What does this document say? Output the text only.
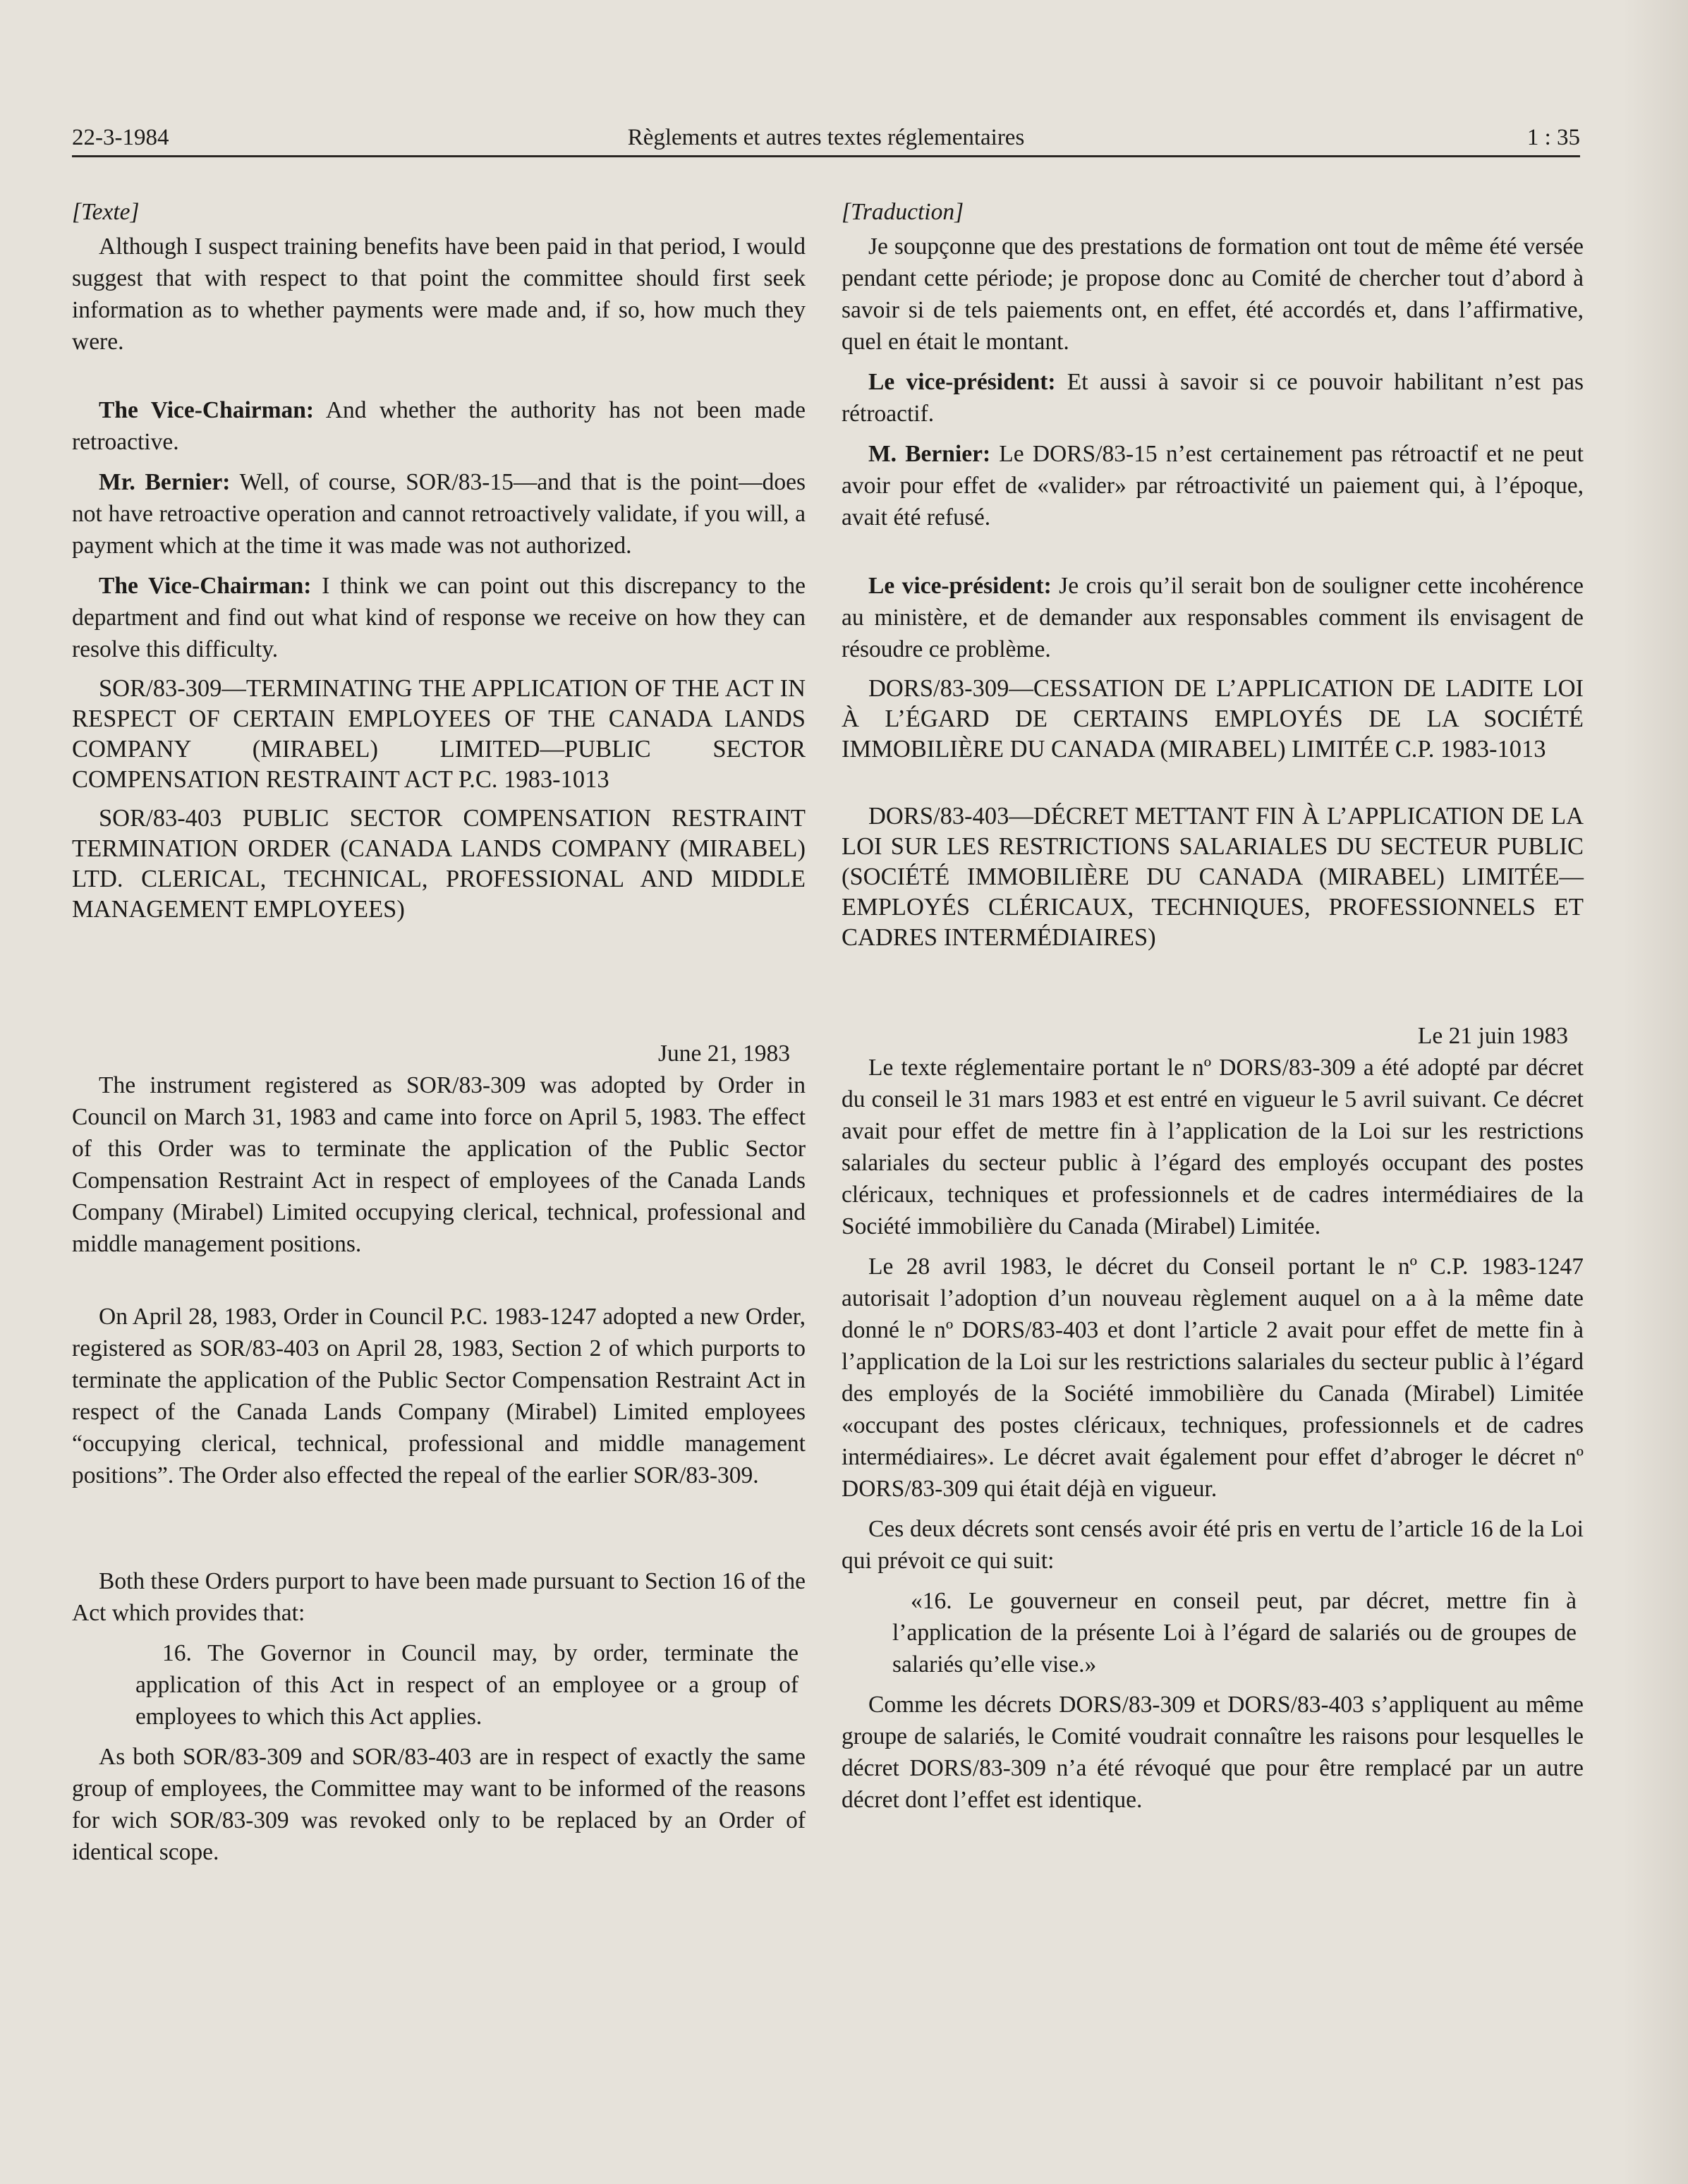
22-3-1984	Règlements et autres textes réglementaires	1 : 35

[Texte]

Although I suspect training benefits have been paid in that period, I would suggest that with respect to that point the committee should first seek information as to whether payments were made and, if so, how much they were.

The Vice-Chairman: And whether the authority has not been made retroactive.

Mr. Bernier: Well, of course, SOR/83-15—and that is the point—does not have retroactive operation and cannot retroactively validate, if you will, a payment which at the time it was made was not authorized.

The Vice-Chairman: I think we can point out this discrepancy to the department and find out what kind of response we receive on how they can resolve this difficulty.

SOR/83-309—TERMINATING THE APPLICATION OF THE ACT IN RESPECT OF CERTAIN EMPLOYEES OF THE CANADA LANDS COMPANY (MIRABEL) LIMITED—PUBLIC SECTOR COMPENSATION RESTRAINT ACT P.C. 1983-1013

SOR/83-403 PUBLIC SECTOR COMPENSATION RESTRAINT TERMINATION ORDER (CANADA LANDS COMPANY (MIRABEL) LTD. CLERICAL, TECHNICAL, PROFESSIONAL AND MIDDLE MANAGEMENT EMPLOYEES)

June 21, 1983

The instrument registered as SOR/83-309 was adopted by Order in Council on March 31, 1983 and came into force on April 5, 1983. The effect of this Order was to terminate the application of the Public Sector Compensation Restraint Act in respect of employees of the Canada Lands Company (Mirabel) Limited occupying clerical, technical, professional and middle management positions.

On April 28, 1983, Order in Council P.C. 1983-1247 adopted a new Order, registered as SOR/83-403 on April 28, 1983, Section 2 of which purports to terminate the application of the Public Sector Compensation Restraint Act in respect of the Canada Lands Company (Mirabel) Limited employees “occupying clerical, technical, professional and middle management positions”. The Order also effected the repeal of the earlier SOR/83-309.

Both these Orders purport to have been made pursuant to Section 16 of the Act which provides that:

16. The Governor in Council may, by order, terminate the application of this Act in respect of an employee or a group of employees to which this Act applies.

As both SOR/83-309 and SOR/83-403 are in respect of exactly the same group of employees, the Committee may want to be informed of the reasons for wich SOR/83-309 was revoked only to be replaced by an Order of identical scope.

[Traduction]

Je soupçonne que des prestations de formation ont tout de même été versée pendant cette période; je propose donc au Comité de chercher tout d’abord à savoir si de tels paiements ont, en effet, été accordés et, dans l’affirmative, quel en était le montant.

Le vice-président: Et aussi à savoir si ce pouvoir habilitant n’est pas rétroactif.

M. Bernier: Le DORS/83-15 n’est certainement pas rétroactif et ne peut avoir pour effet de «valider» par rétroactivité un paiement qui, à l’époque, avait été refusé.

Le vice-président: Je crois qu’il serait bon de souligner cette incohérence au ministère, et de demander aux responsables comment ils envisagent de résoudre ce problème.

DORS/83-309—CESSATION DE L’APPLICATION DE LADITE LOI À L’ÉGARD DE CERTAINS EMPLOYÉS DE LA SOCIÉTÉ IMMOBILIÈRE DU CANADA (MIRABEL) LIMITÉE C.P. 1983-1013

DORS/83-403—DÉCRET METTANT FIN À L’APPLICATION DE LA LOI SUR LES RESTRICTIONS SALARIALES DU SECTEUR PUBLIC (SOCIÉTÉ IMMOBILIÈRE DU CANADA (MIRABEL) LIMITÉE—EMPLOYÉS CLÉRICAUX, TECHNIQUES, PROFESSIONNELS ET CADRES INTERMÉDIAIRES)

Le 21 juin 1983

Le texte réglementaire portant le nº DORS/83-309 a été adopté par décret du conseil le 31 mars 1983 et est entré en vigueur le 5 avril suivant. Ce décret avait pour effet de mettre fin à l’application de la Loi sur les restrictions salariales du secteur public à l’égard des employés occupant des postes cléricaux, techniques et professionnels et de cadres intermédiaires de la Société immobilière du Canada (Mirabel) Limitée.

Le 28 avril 1983, le décret du Conseil portant le nº C.P. 1983-1247 autorisait l’adoption d’un nouveau règlement auquel on a à la même date donné le nº DORS/83-403 et dont l’article 2 avait pour effet de mette fin à l’application de la Loi sur les restrictions salariales du secteur public à l’égard des employés de la Société immobilière du Canada (Mirabel) Limitée «occupant des postes cléricaux, techniques, professionnels et de cadres intermédiaires». Le décret avait également pour effet d’abroger le décret nº DORS/83-309 qui était déjà en vigueur.

Ces deux décrets sont censés avoir été pris en vertu de l’article 16 de la Loi qui prévoit ce qui suit:

«16. Le gouverneur en conseil peut, par décret, mettre fin à l’application de la présente Loi à l’égard de salariés ou de groupes de salariés qu’elle vise.»

Comme les décrets DORS/83-309 et DORS/83-403 s’appliquent au même groupe de salariés, le Comité voudrait connaître les raisons pour lesquelles le décret DORS/83-309 n’a été révoqué que pour être remplacé par un autre décret dont l’effet est identique.
